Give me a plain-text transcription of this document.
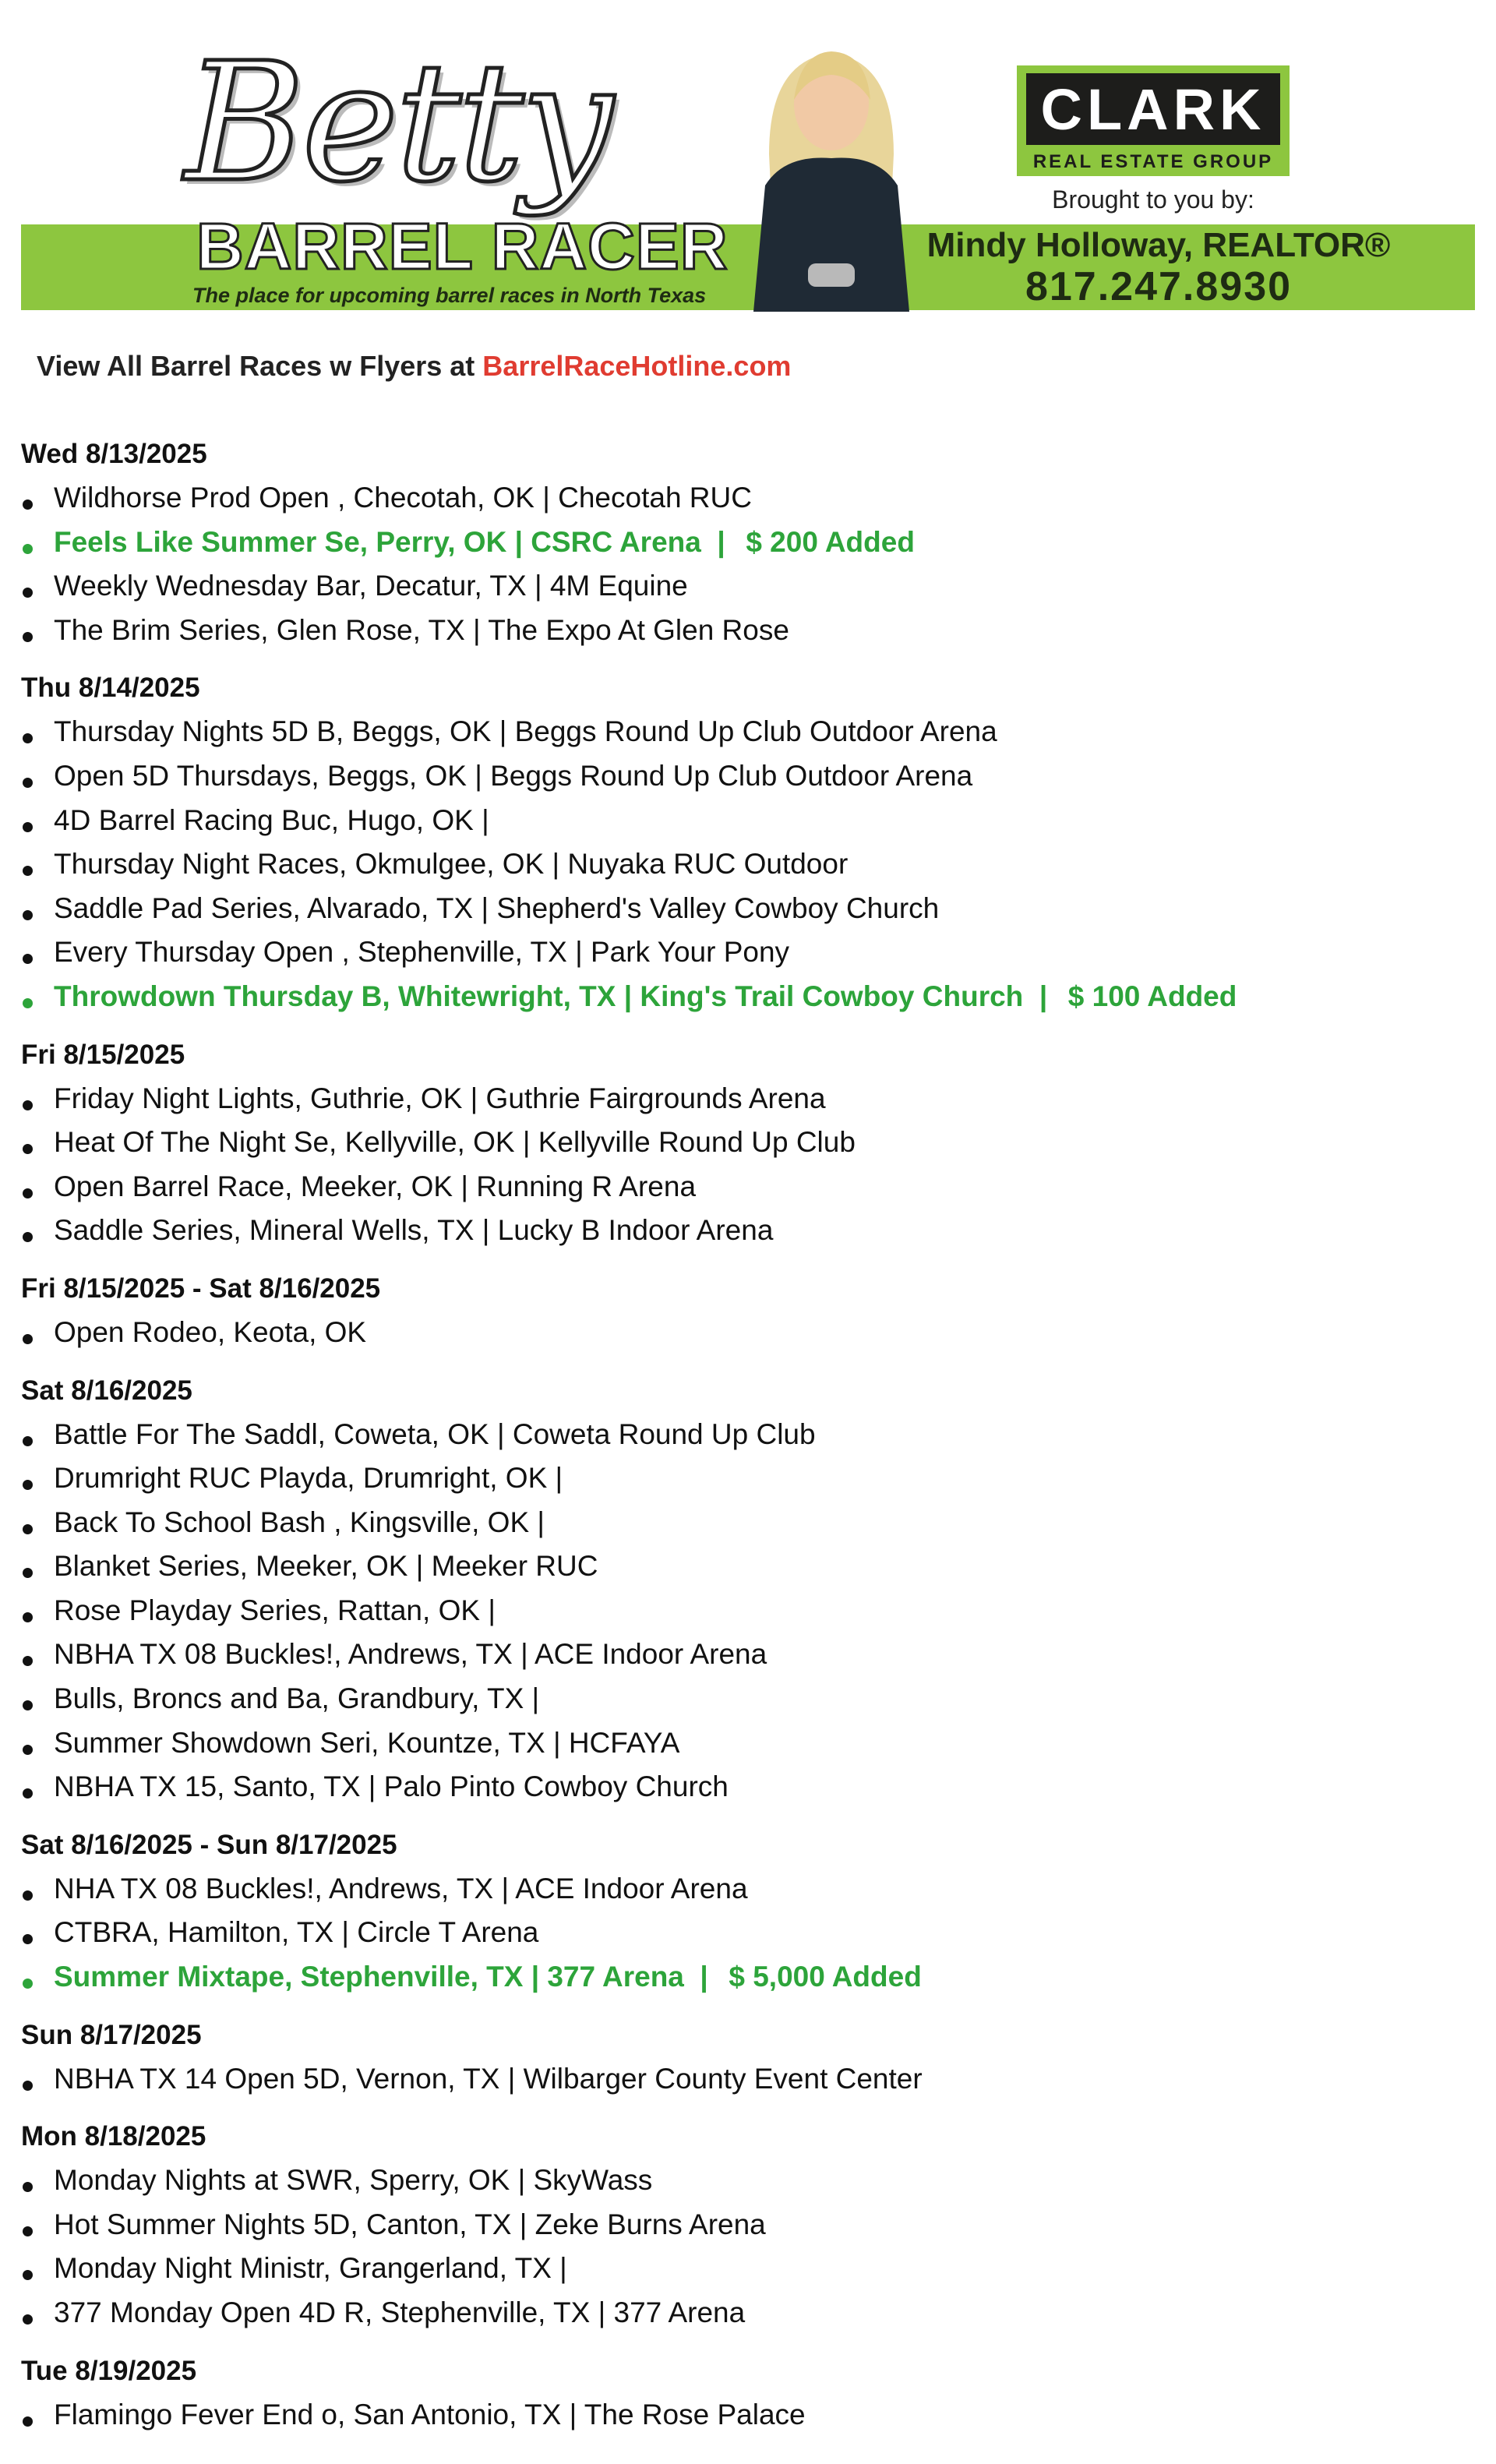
Betty
BARREL RACER
The place for upcoming barrel races in North Texas
CLARK
REAL ESTATE GROUP
Brought to you by:
Mindy Holloway, REALTOR®
817.247.8930
View All Barrel Races w Flyers at BarrelRaceHotline.com
Wed 8/13/2025
Wildhorse Prod Open , Checotah, OK | Checotah RUC
Feels Like Summer Se, Perry, OK | CSRC Arena  |  $ 200 Added
Weekly Wednesday Bar, Decatur, TX | 4M Equine
The Brim Series, Glen Rose, TX | The Expo At Glen Rose
Thu 8/14/2025
Thursday Nights 5D B, Beggs, OK | Beggs Round Up Club Outdoor Arena
Open 5D Thursdays, Beggs, OK | Beggs Round Up Club Outdoor Arena
4D Barrel Racing Buc, Hugo, OK |
Thursday Night Races, Okmulgee, OK | Nuyaka RUC Outdoor
Saddle Pad Series, Alvarado, TX | Shepherd's Valley Cowboy Church
Every Thursday Open , Stephenville, TX | Park Your Pony
Throwdown Thursday B, Whitewright, TX | King's Trail Cowboy Church  |  $ 100 Added
Fri 8/15/2025
Friday Night Lights, Guthrie, OK | Guthrie Fairgrounds Arena
Heat Of The Night Se, Kellyville, OK | Kellyville Round Up Club
Open Barrel Race, Meeker, OK | Running R Arena
Saddle Series, Mineral Wells, TX | Lucky B Indoor Arena
Fri 8/15/2025 - Sat 8/16/2025
Open Rodeo, Keota, OK
Sat 8/16/2025
Battle For The Saddl, Coweta, OK | Coweta Round Up Club
Drumright RUC Playda, Drumright, OK |
Back To School Bash , Kingsville, OK |
Blanket Series, Meeker, OK | Meeker RUC
Rose Playday Series, Rattan, OK |
NBHA TX 08 Buckles!, Andrews, TX | ACE Indoor Arena
Bulls, Broncs and Ba, Grandbury, TX |
Summer Showdown Seri, Kountze, TX | HCFAYA
NBHA TX 15, Santo, TX | Palo Pinto Cowboy Church
Sat 8/16/2025 - Sun 8/17/2025
NHA TX 08 Buckles!, Andrews, TX | ACE Indoor Arena
CTBRA, Hamilton, TX | Circle T Arena
Summer Mixtape, Stephenville, TX | 377 Arena  |  $ 5,000 Added
Sun 8/17/2025
NBHA TX 14 Open 5D, Vernon, TX | Wilbarger County Event Center
Mon 8/18/2025
Monday Nights at SWR, Sperry, OK | SkyWass
Hot Summer Nights 5D, Canton, TX | Zeke Burns Arena
Monday Night Ministr, Grangerland, TX |
377 Monday Open 4D R, Stephenville, TX | 377 Arena
Tue 8/19/2025
Flamingo Fever End o, San Antonio, TX | The Rose Palace
